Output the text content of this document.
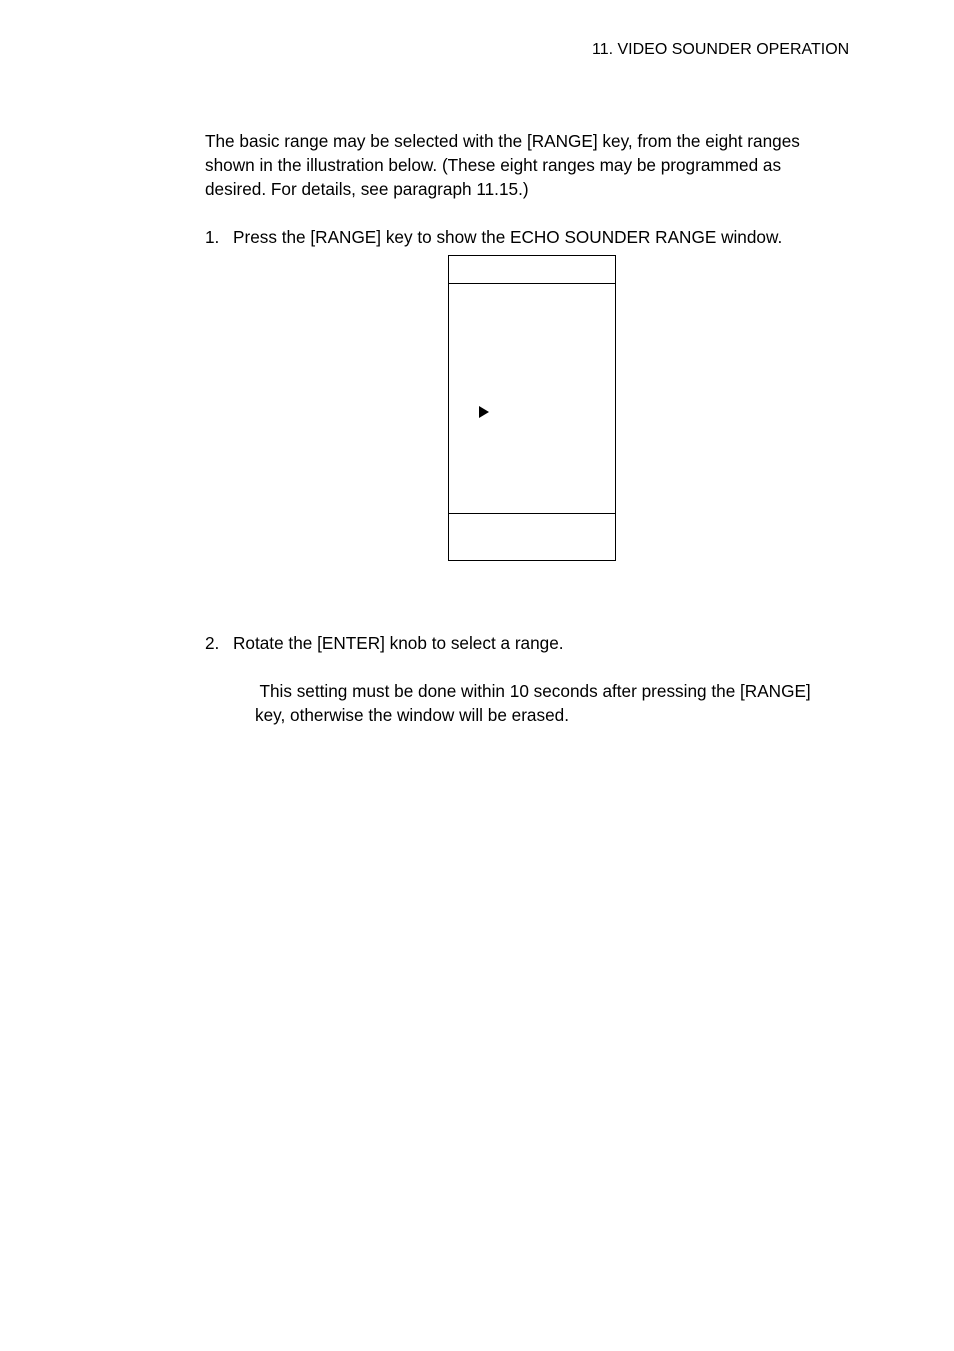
11. VIDEO SOUNDER OPERATION
The basic range may be selected with the [RANGE] key, from the eight ranges
shown in the illustration below. (These eight ranges may be programmed as
desired. For details, see paragraph 11.15.)
1. Press the [RANGE] key to show the ECHO SOUNDER RANGE window.
2. Rotate the [ENTER] knob to select a range.
This setting must be done within 10 seconds after pressing the [RANGE]
key, otherwise the window will be erased.
